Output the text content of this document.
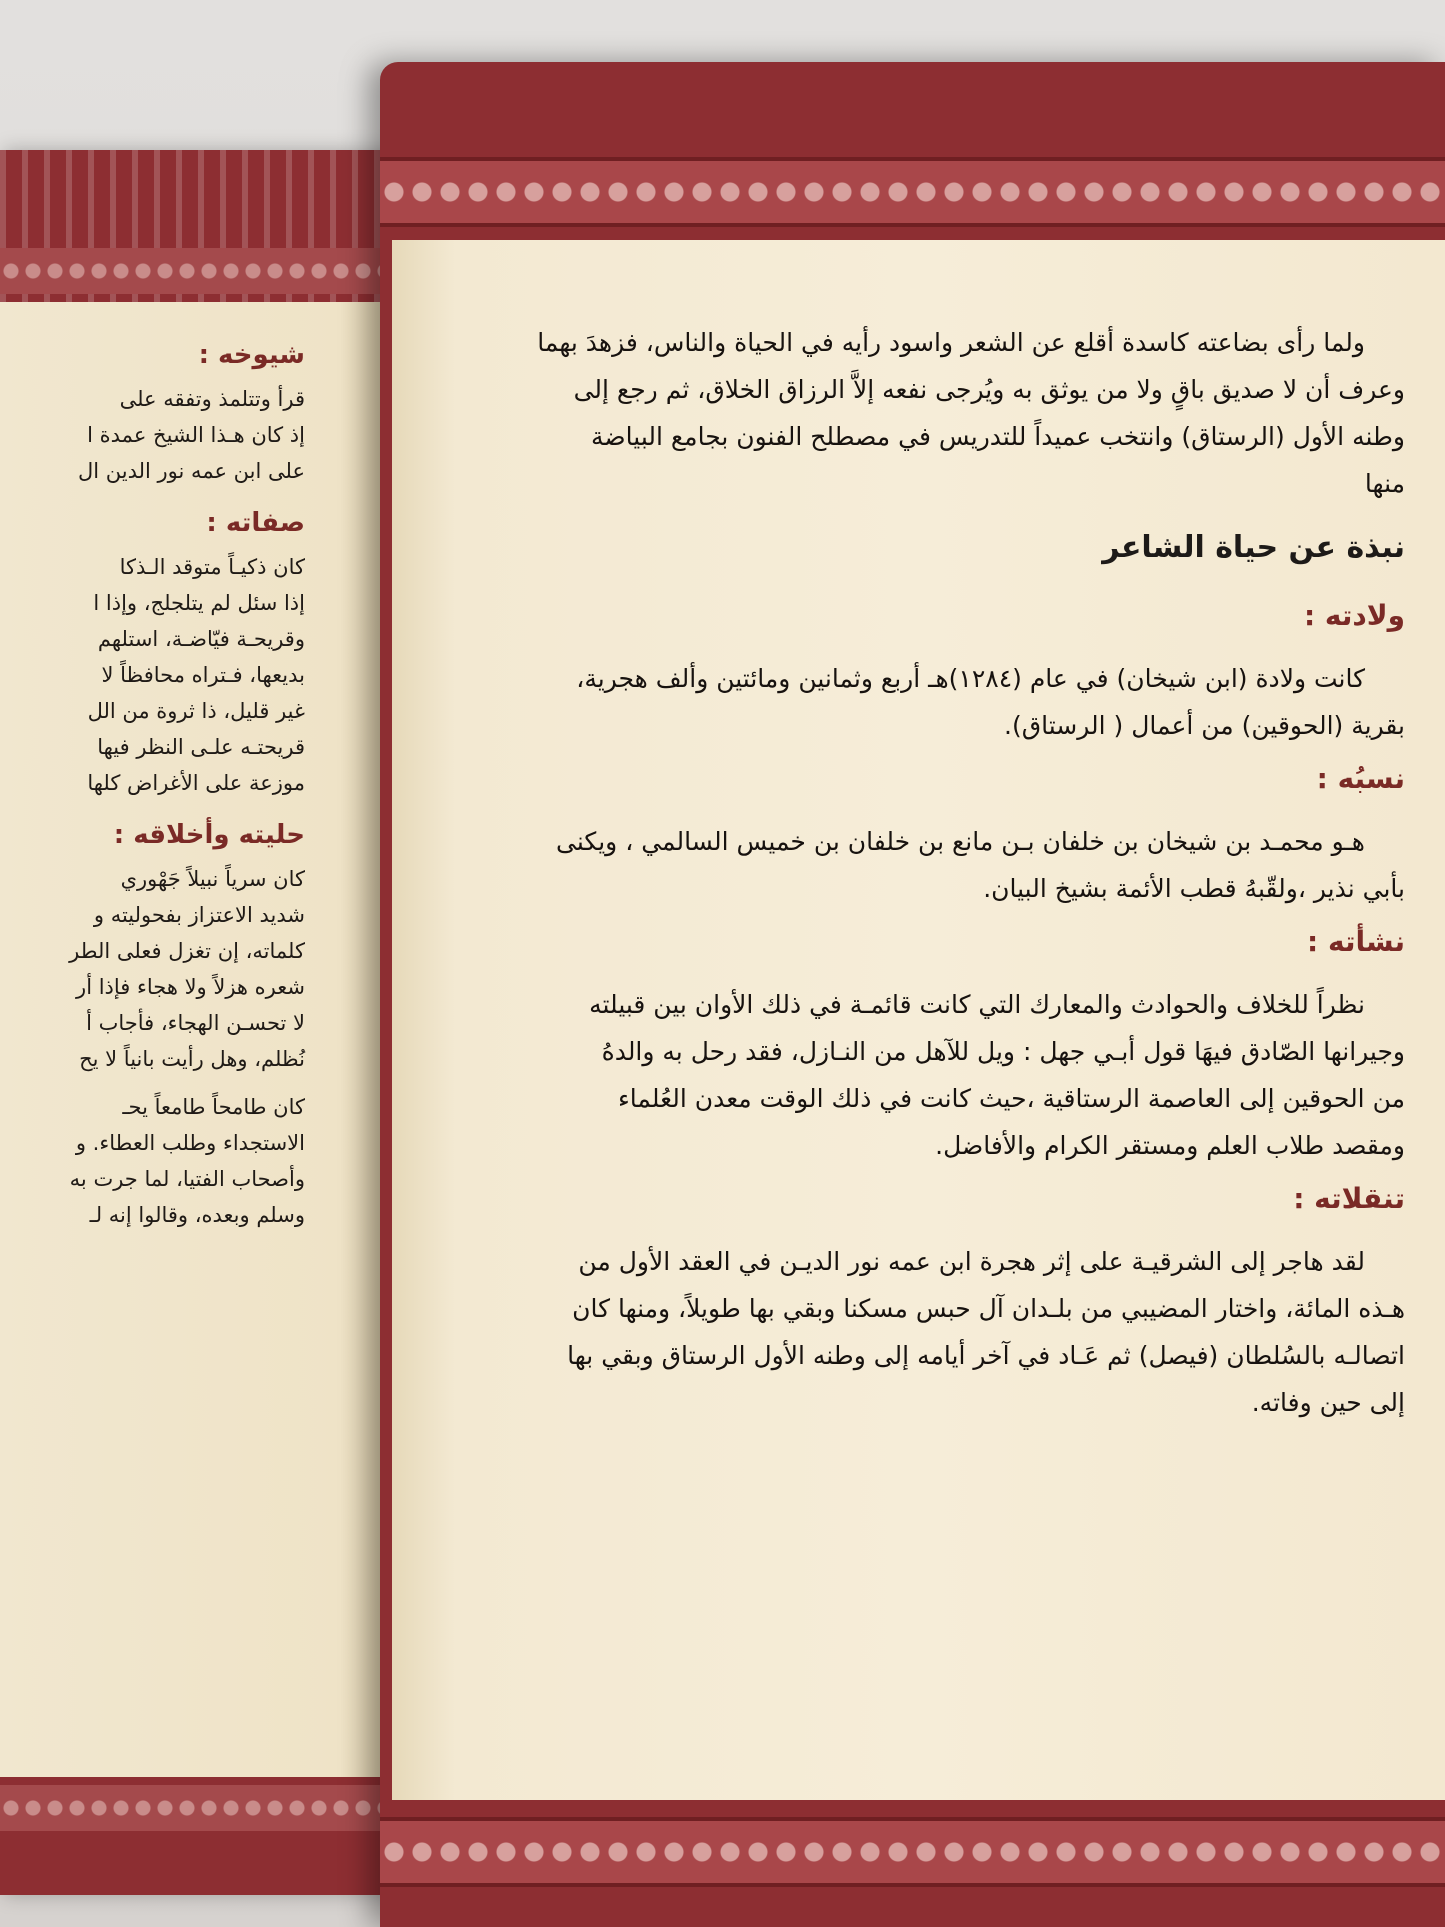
شيوخه :
قرأ وتتلمذ وتفقه على
إذ كان هـذا الشيخ عمدة ا
على ابن عمه نور الدين ال
صفاته :
كان ذكيـاً متوقد الـذكا
إذا سئل لم يتلجلج، وإذا ا
وقريحـة فيّاضـة، استلهم
بديعها، فـتراه محافظاً لا
غير قليل، ذا ثروة من الل
قريحتـه علـى النظر فيها
موزعة على الأغراض كلها
حليته وأخلاقه :
كان سرياً نبيلاً جَهْوري
شديد الاعتزاز بفحوليته و
كلماته، إن تغزل فعلى الطر
شعره هزلاً ولا هجاء فإذا أر
لا تحسـن الهجاء، فأجاب أ
نُظلم، وهل رأيت بانياً لا يح
كان طامحاً طامعاً يحـ
الاستجداء وطلب العطاء. و
وأصحاب الفتيا، لما جرت به
وسلم وبعده، وقالوا إنه لـ
ولما رأى بضاعته كاسدة أقلع عن الشعر واسود رأيه في الحياة والناس، فزهدَ بهما
وعرف أن لا صديق باقٍ ولا من يوثق به ويُرجى نفعه إلاَّ الرزاق الخلاق، ثم رجع إلى
وطنه الأول (الرستاق) وانتخب عميداً للتدريس في مصطلح الفنون بجامع البياضة
منها
نبذة عن حياة الشاعر
ولادته :
كانت ولادة (ابن شيخان) في عام (١٢٨٤)هـ أربع وثمانين ومائتين وألف هجرية،
بقرية (الحوقين) من أعمال ( الرستاق).
نسبُه :
هـو محمـد بن شيخان بن خلفان بـن مانع بن خلفان بن خميس السالمي ، ويكنى
بأبي نذير ،ولقّبهُ قطب الأئمة بشيخ البيان.
نشأته :
نظراً للخلاف والحوادث والمعارك التي كانت قائمـة في ذلك الأوان بين قبيلته
وجيرانها الصّادق فيهَا قول أبـي جهل : ويل للآهل من النـازل، فقد رحل به والدهُ
من الحوقين إلى العاصمة الرستاقية ،حيث كانت في ذلك الوقت معدن العُلماء
ومقصد طلاب العلم ومستقر الكرام والأفاضل.
تنقلاته :
لقد هاجر إلى الشرقيـة على إثر هجرة ابن عمه نور الديـن في العقد الأول من
هـذه المائة، واختار المضيبي من بلـدان آل حبس مسكنا وبقي بها طويلاً، ومنها كان
اتصالـه بالسُلطان (فيصل) ثم عَـاد في آخر أيامه إلى وطنه الأول الرستاق وبقي بها
إلى حين وفاته.
